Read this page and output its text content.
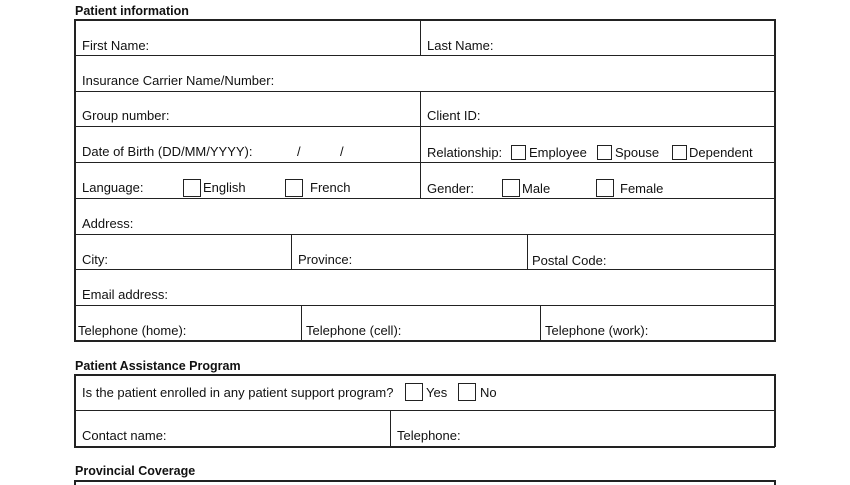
Patient information
Patient Assistance Program
Provincial Coverage
First Name:	Last Name:
Insurance Carrier Name/Number:
Group number:	Client ID:
Date of Birth (DD/MM/YYYY):	/	/	Relationship: Employee Spouse Dependent
Language:	English	French	Gender:	Male	Female
Address:
City:	Province:	Postal Code:
Email address:
Telephone (home):	Telephone (cell):	Telephone (work):
Is the patient enrolled in any patient support program?	Yes	No
Contact name:	Telephone:
